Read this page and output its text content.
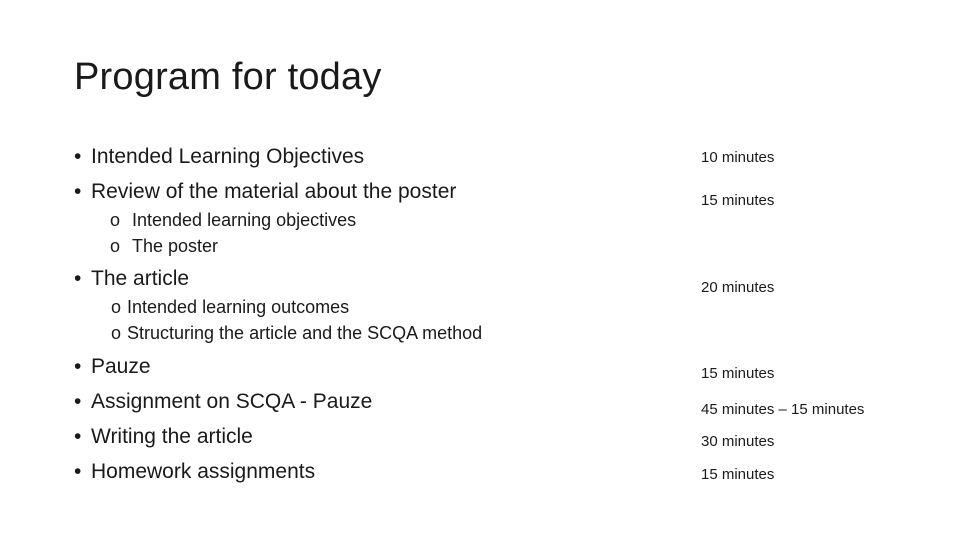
Program for today
• Intended Learning Objectives	10 minutes
• Review of the material about the poster	15 minutes
o Intended learning objectives
o The poster
• The article	20 minutes
o Intended learning outcomes
o Structuring the article and the SCQA method
• Pauze	15 minutes
• Assignment on SCQA - Pauze	45 minutes – 15 minutes
• Writing the article	30 minutes
• Homework assignments	15 minutes
